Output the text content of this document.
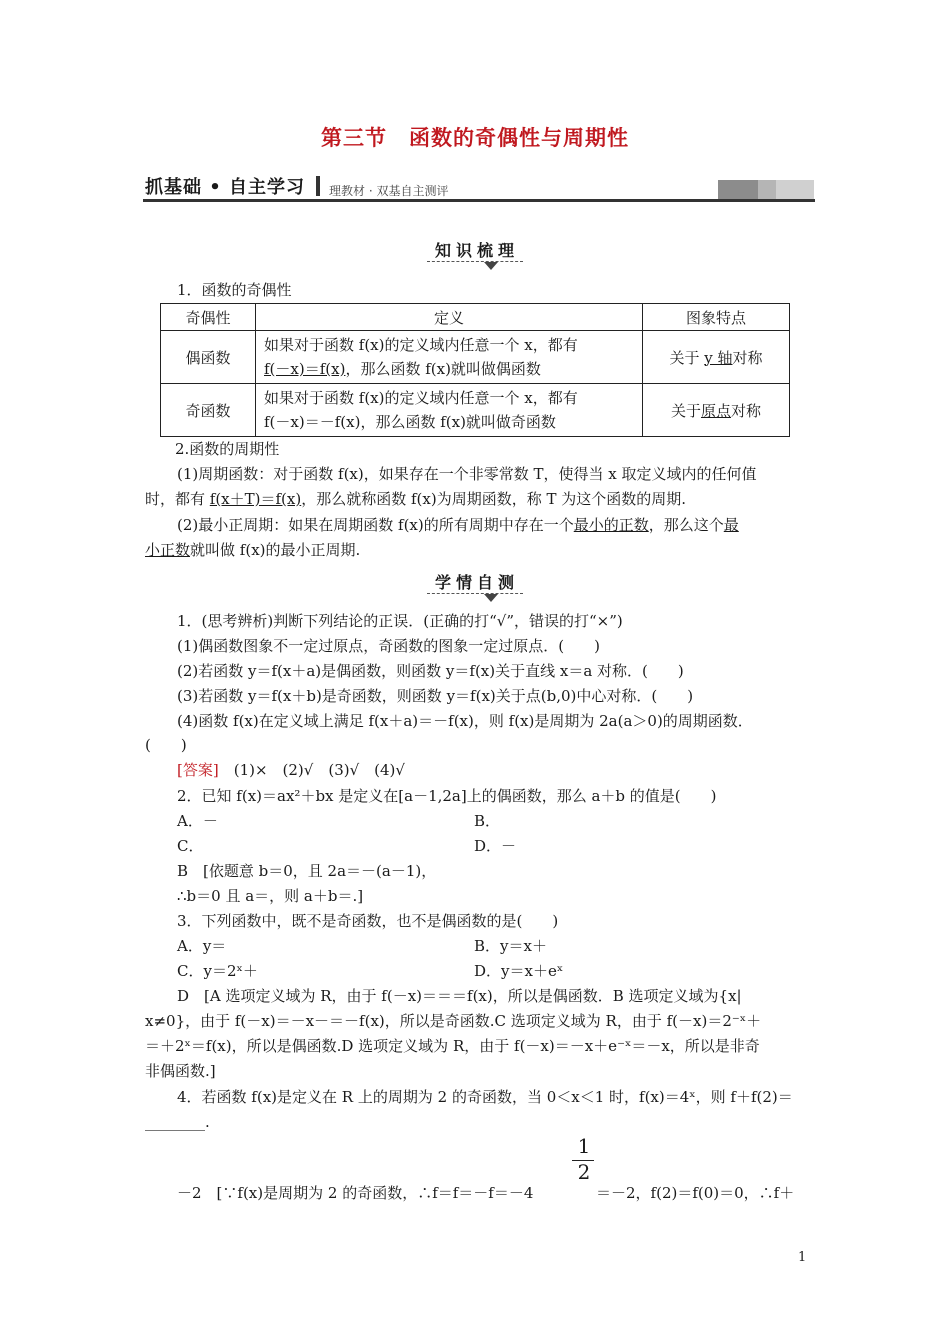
第三节　函数的奇偶性与周期性
抓基础 • 自主学习 理教材 · 双基自主测评
知识梳理
1．函数的奇偶性
奇偶性	定义	图象特点
偶函数	如果对于函数 f(x)的定义域内任意一个 x，都有
f(－x)＝f(x)，那么函数 f(x)就叫做偶函数	关于 y 轴对称
奇函数	如果对于函数 f(x)的定义域内任意一个 x，都有
f(－x)＝－f(x)，那么函数 f(x)就叫做奇函数	关于原点对称
2.函数的周期性
(1)周期函数：对于函数 f(x)，如果存在一个非零常数 T，使得当 x 取定义域内的任何值
时，都有 f(x＋T)＝f(x)，那么就称函数 f(x)为周期函数，称 T 为这个函数的周期.
(2)最小正周期：如果在周期函数 f(x)的所有周期中存在一个最小的正数，那么这个最
小正数就叫做 f(x)的最小正周期.
学情自测
1．(思考辨析)判断下列结论的正误．(正确的打“√”，错误的打“×”)
(1)偶函数图象不一定过原点，奇函数的图象一定过原点．(　　)
(2)若函数 y＝f(x＋a)是偶函数，则函数 y＝f(x)关于直线 x＝a 对称．(　　)
(3)若函数 y＝f(x＋b)是奇函数，则函数 y＝f(x)关于点(b,0)中心对称．(　　)
(4)函数 f(x)在定义域上满足 f(x＋a)＝－f(x)，则 f(x)是周期为 2a(a＞0)的周期函数．
(　　)
[答案]　(1)×　(2)√　(3)√　(4)√
2．已知 f(x)＝ax²＋bx 是定义在[a－1,2a]上的偶函数，那么 a＋b 的值是(　　)
A．－	B．
C．	D．－
B　[依题意 b＝0，且 2a＝－(a－1)，
∴b＝0 且 a＝，则 a＋b＝.]
3．下列函数中，既不是奇函数，也不是偶函数的是(　　)
A．y＝	B．y＝x＋
C．y＝2ˣ＋	D．y＝x＋eˣ
D　[A 选项定义域为 R，由于 f(－x)＝＝＝f(x)，所以是偶函数．B 选项定义域为{x|
x≠0}，由于 f(－x)＝－x－＝－f(x)，所以是奇函数.C 选项定义域为 R，由于 f(－x)＝2⁻ˣ＋
＝＋2ˣ＝f(x)，所以是偶函数.D 选项定义域为 R，由于 f(－x)＝－x＋e⁻ˣ＝－x，所以是非奇
非偶函数.]
4．若函数 f(x)是定义在 R 上的周期为 2 的奇函数，当 0＜x＜1 时，f(x)＝4ˣ，则 f＋f(2)＝
________.
1
2
－2　[∵f(x)是周期为 2 的奇函数，∴f＝f＝－f＝－4	＝－2，f(2)＝f(0)＝0，∴f＋
1
